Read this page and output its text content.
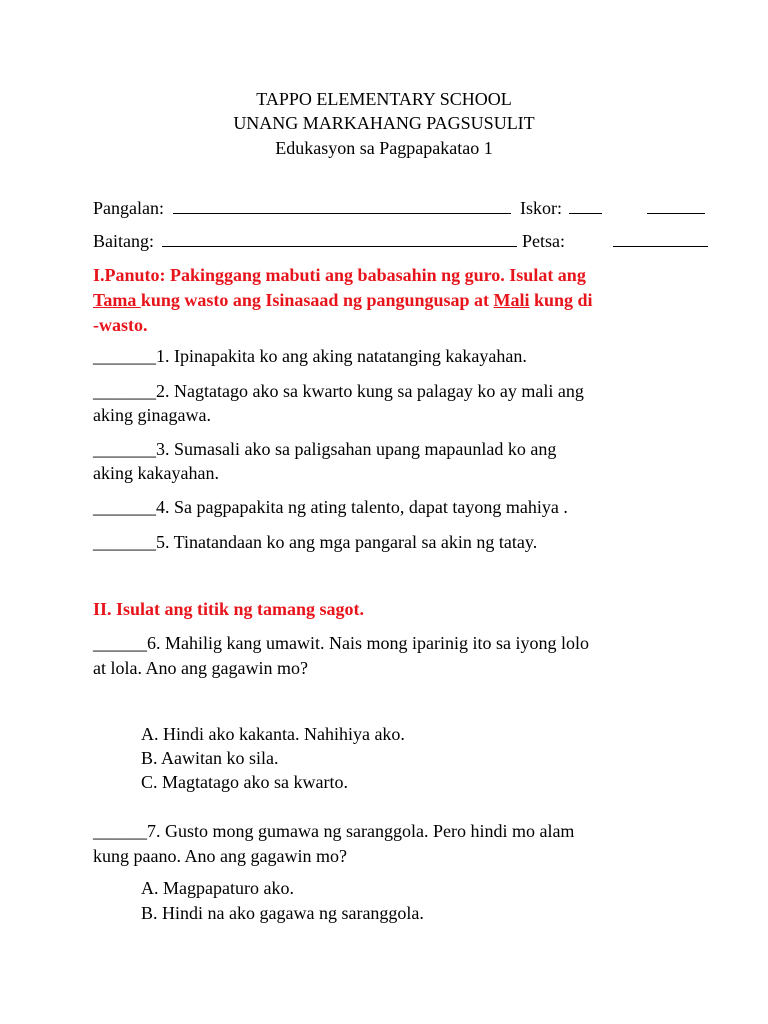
TAPPO ELEMENTARY SCHOOL
UNANG MARKAHANG PAGSUSULIT
Edukasyon sa Pagpapakatao 1
Pangalan:	Iskor:
Baitang:	Petsa:
I.Panuto: Pakinggang mabuti ang babasahin ng guro. Isulat ang
Tama kung wasto ang Isinasaad ng pangungusap at Mali kung di
-wasto.
_______1. Ipinapakita ko ang aking natatanging kakayahan.
_______2. Nagtatago ako sa kwarto kung sa palagay ko ay mali ang
aking ginagawa.
_______3. Sumasali ako sa paligsahan upang mapaunlad ko ang
aking kakayahan.
_______4. Sa pagpapakita ng ating talento, dapat tayong mahiya .
_______5. Tinatandaan ko ang mga pangaral sa akin ng tatay.
II. Isulat ang titik ng tamang sagot.
______6. Mahilig kang umawit. Nais mong iparinig ito sa iyong lolo
at lola. Ano ang gagawin mo?
A. Hindi ako kakanta. Nahihiya ako.
B. Aawitan ko sila.
C. Magtatago ako sa kwarto.
______7. Gusto mong gumawa ng saranggola. Pero hindi mo alam
kung paano. Ano ang gagawin mo?
A. Magpapaturo ako.
B. Hindi na ako gagawa ng saranggola.
